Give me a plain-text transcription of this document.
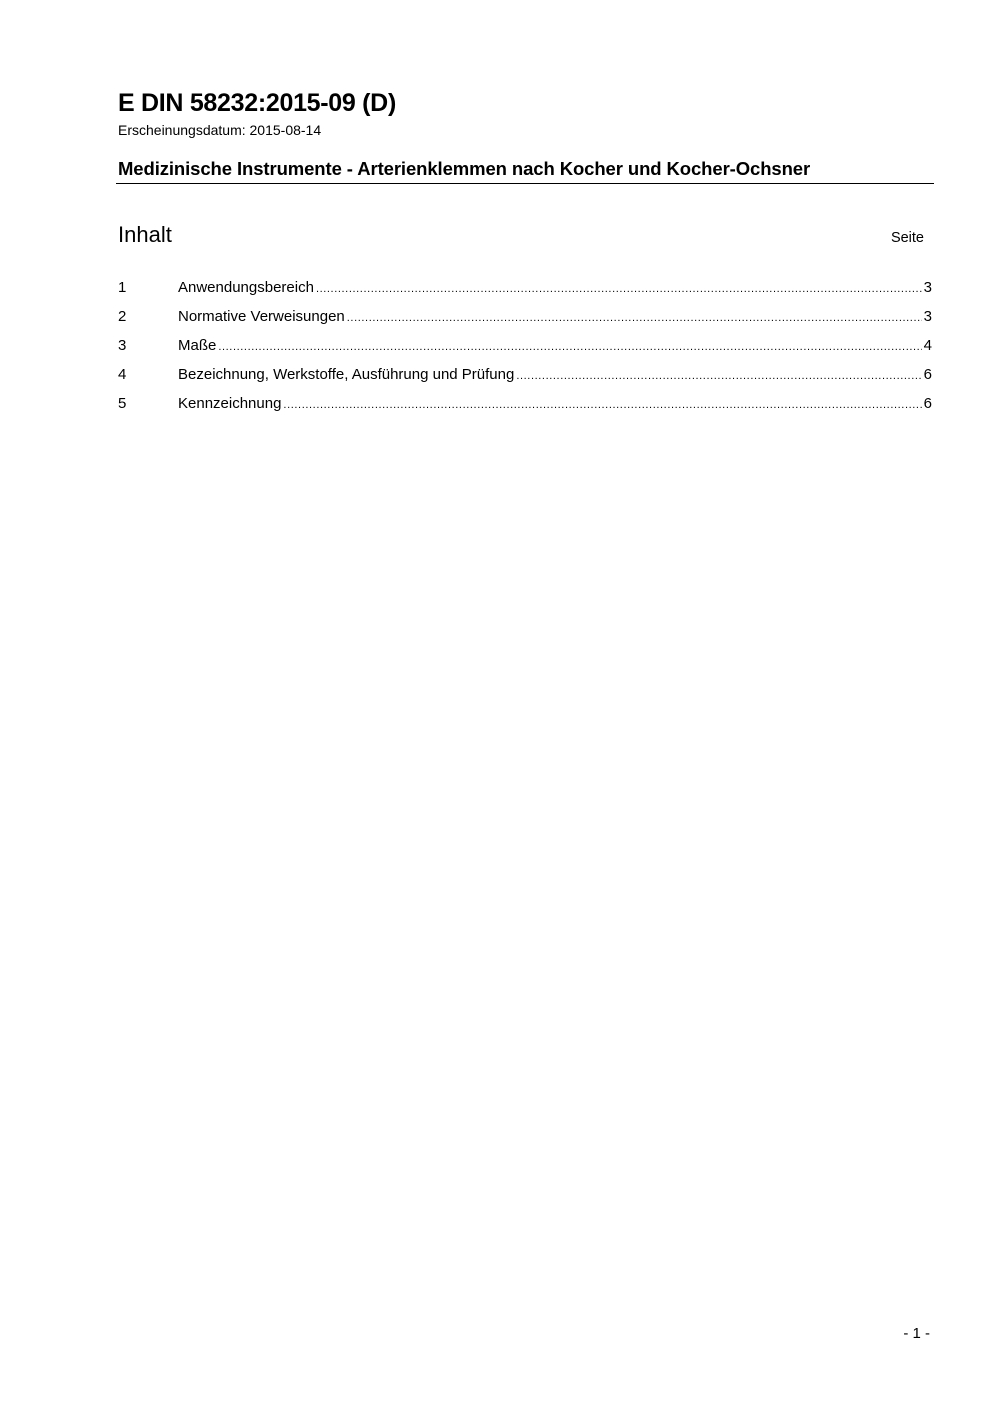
E DIN 58232:2015-09 (D)
Erscheinungsdatum: 2015-08-14
Medizinische Instrumente - Arterienklemmen nach Kocher und Kocher-Ochsner
Inhalt	Seite
1	Anwendungsbereich .....	3
2	Normative Verweisungen .....	3
3	Maße .....	4
4	Bezeichnung, Werkstoffe, Ausführung und Prüfung .....	6
5	Kennzeichnung .....	6
- 1 -
